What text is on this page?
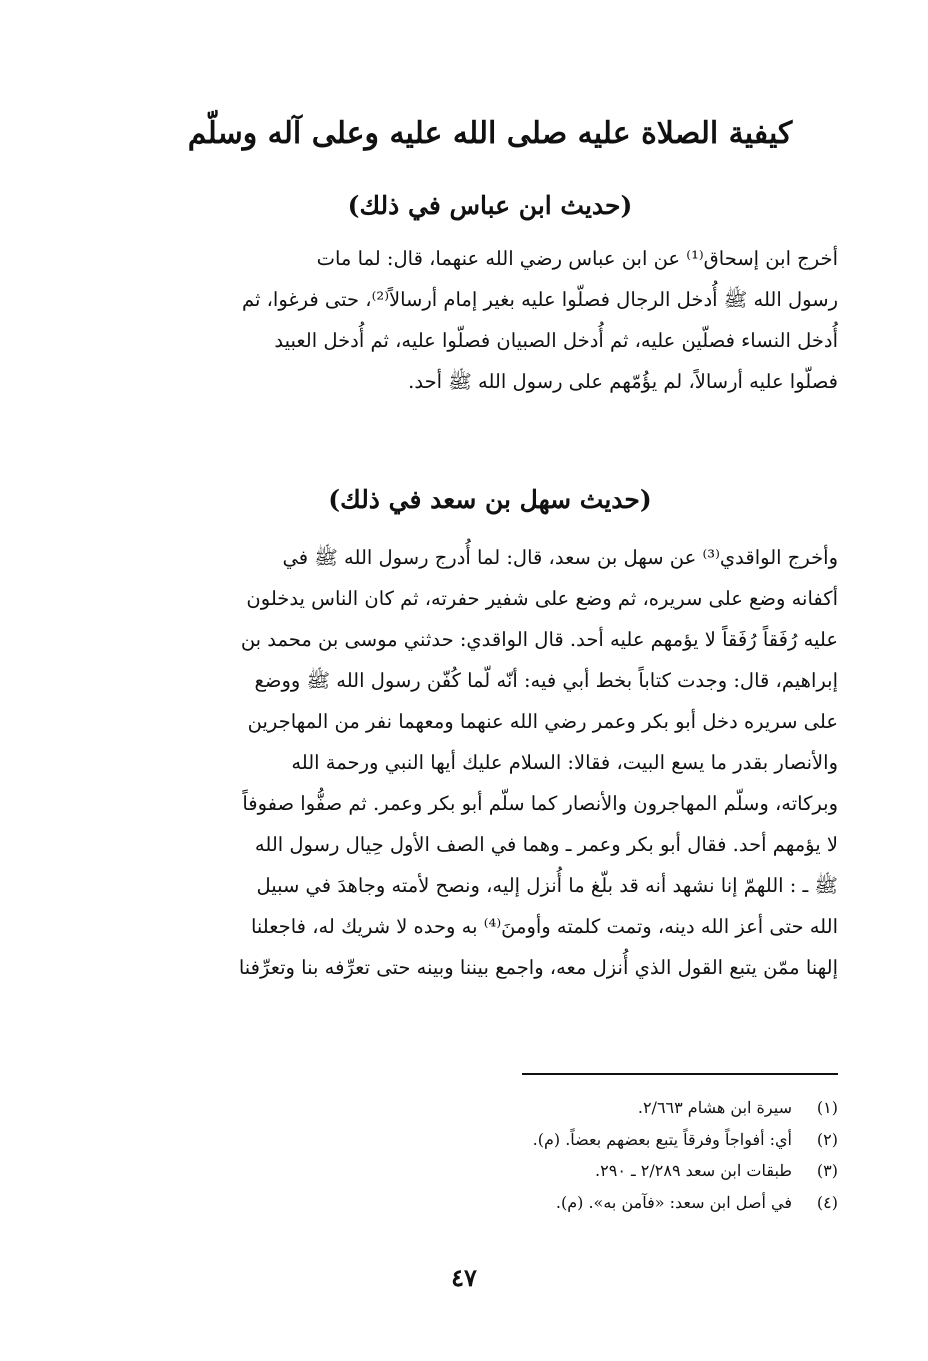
كيفية الصلاة عليه صلى الله عليه وعلى آله وسلّم
(حديث ابن عباس في ذلك)
أخرج ابن إسحاق⁽¹⁾ عن ابن عباس رضي الله عنهما، قال: لما مات
رسول الله ﷺ أُدخل الرجال فصلّوا عليه بغير إمام أرسالاً⁽²⁾، حتى فرغوا، ثم
أُدخل النساء فصلّين عليه، ثم أُدخل الصبيان فصلّوا عليه، ثم أُدخل العبيد
فصلّوا عليه أرسالاً، لم يؤُمّهم على رسول الله ﷺ أحد.
(حديث سهل بن سعد في ذلك)
وأخرج الواقدي⁽³⁾ عن سهل بن سعد، قال: لما أُدرج رسول الله ﷺ في
أكفانه وضع على سريره، ثم وضع على شفير حفرته، ثم كان الناس يدخلون
عليه رُفَقاً رُفَقاً لا يؤمهم عليه أحد. قال الواقدي: حدثني موسى بن محمد بن
إبراهيم، قال: وجدت كتاباً بخط أبي فيه: أنّه لّما كُفّن رسول الله ﷺ ووضع
على سريره دخل أبو بكر وعمر رضي الله عنهما ومعهما نفر من المهاجرين
والأنصار بقدر ما يسع البيت، فقالا: السلام عليك أيها النبي ورحمة الله
وبركاته، وسلّم المهاجرون والأنصار كما سلّم أبو بكر وعمر. ثم صفُّوا صفوفاً
لا يؤمهم أحد. فقال أبو بكر وعمر ـ وهما في الصف الأول حِيال رسول الله
ﷺ ـ : اللهمّ إنا نشهد أنه قد بلّغ ما أُنزل إليه، ونصح لأمته وجاهدَ في سبيل
الله حتى أعز الله دينه، وتمت كلمته وأومنَ⁽⁴⁾ به وحده لا شريك له، فاجعلنا
إلهنا ممّن يتبع القول الذي أُنزل معه، واجمع بيننا وبينه حتى تعرِّفه بنا وتعرِّفنا
(١)سيرة ابن هشام ٢/٦٦٣.
(٢)أي: أفواجاً وفرقاً يتبع بعضهم بعضاً. (م).
(٣)طبقات ابن سعد ٢/٢٨٩ ـ ٢٩٠.
(٤)في أصل ابن سعد: «فآمن به». (م).
٤٧
